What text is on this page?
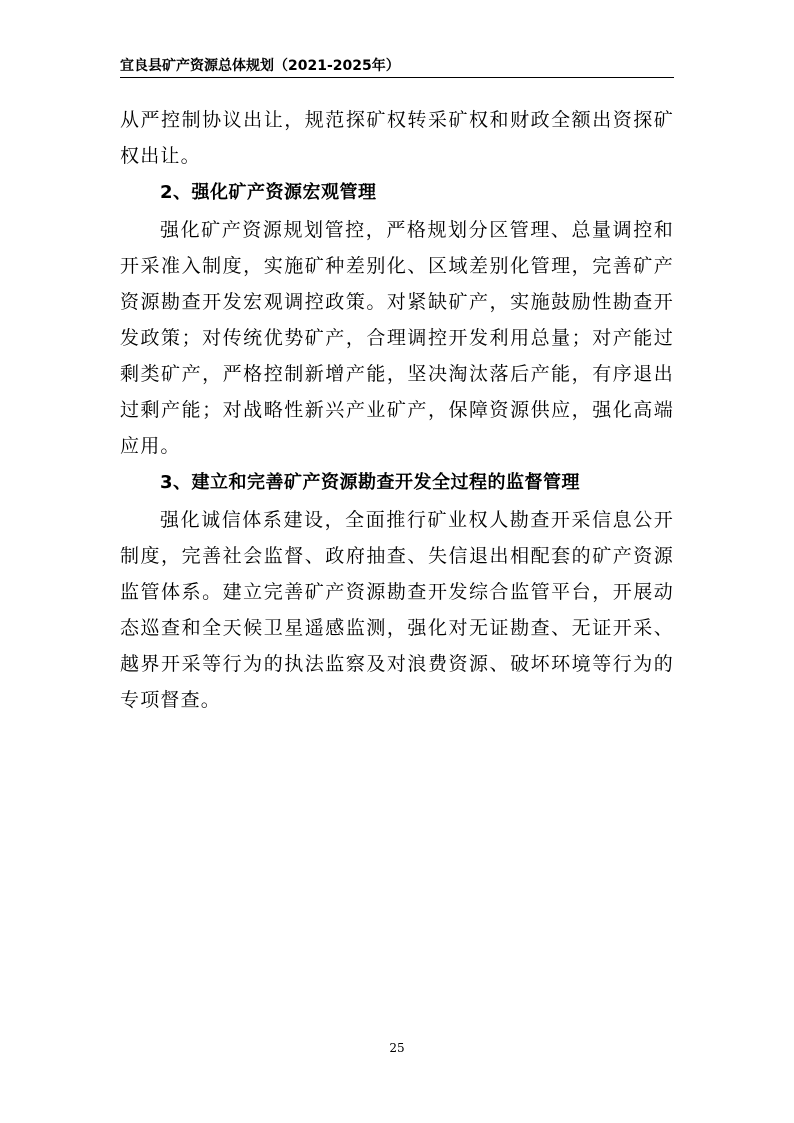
宜良县矿产资源总体规划（2021-2025年）

从严控制协议出让，规范探矿权转采矿权和财政全额出资探矿权出让。

2、强化矿产资源宏观管理

强化矿产资源规划管控，严格规划分区管理、总量调控和开采准入制度，实施矿种差别化、区域差别化管理，完善矿产资源勘查开发宏观调控政策。对紧缺矿产，实施鼓励性勘查开发政策；对传统优势矿产，合理调控开发利用总量；对产能过剩类矿产，严格控制新增产能，坚决淘汰落后产能，有序退出过剩产能；对战略性新兴产业矿产，保障资源供应，强化高端应用。

3、建立和完善矿产资源勘查开发全过程的监督管理

强化诚信体系建设，全面推行矿业权人勘查开采信息公开制度，完善社会监督、政府抽查、失信退出相配套的矿产资源监管体系。建立完善矿产资源勘查开发综合监管平台，开展动态巡查和全天候卫星遥感监测，强化对无证勘查、无证开采、越界开采等行为的执法监察及对浪费资源、破坏环境等行为的专项督查。

25
